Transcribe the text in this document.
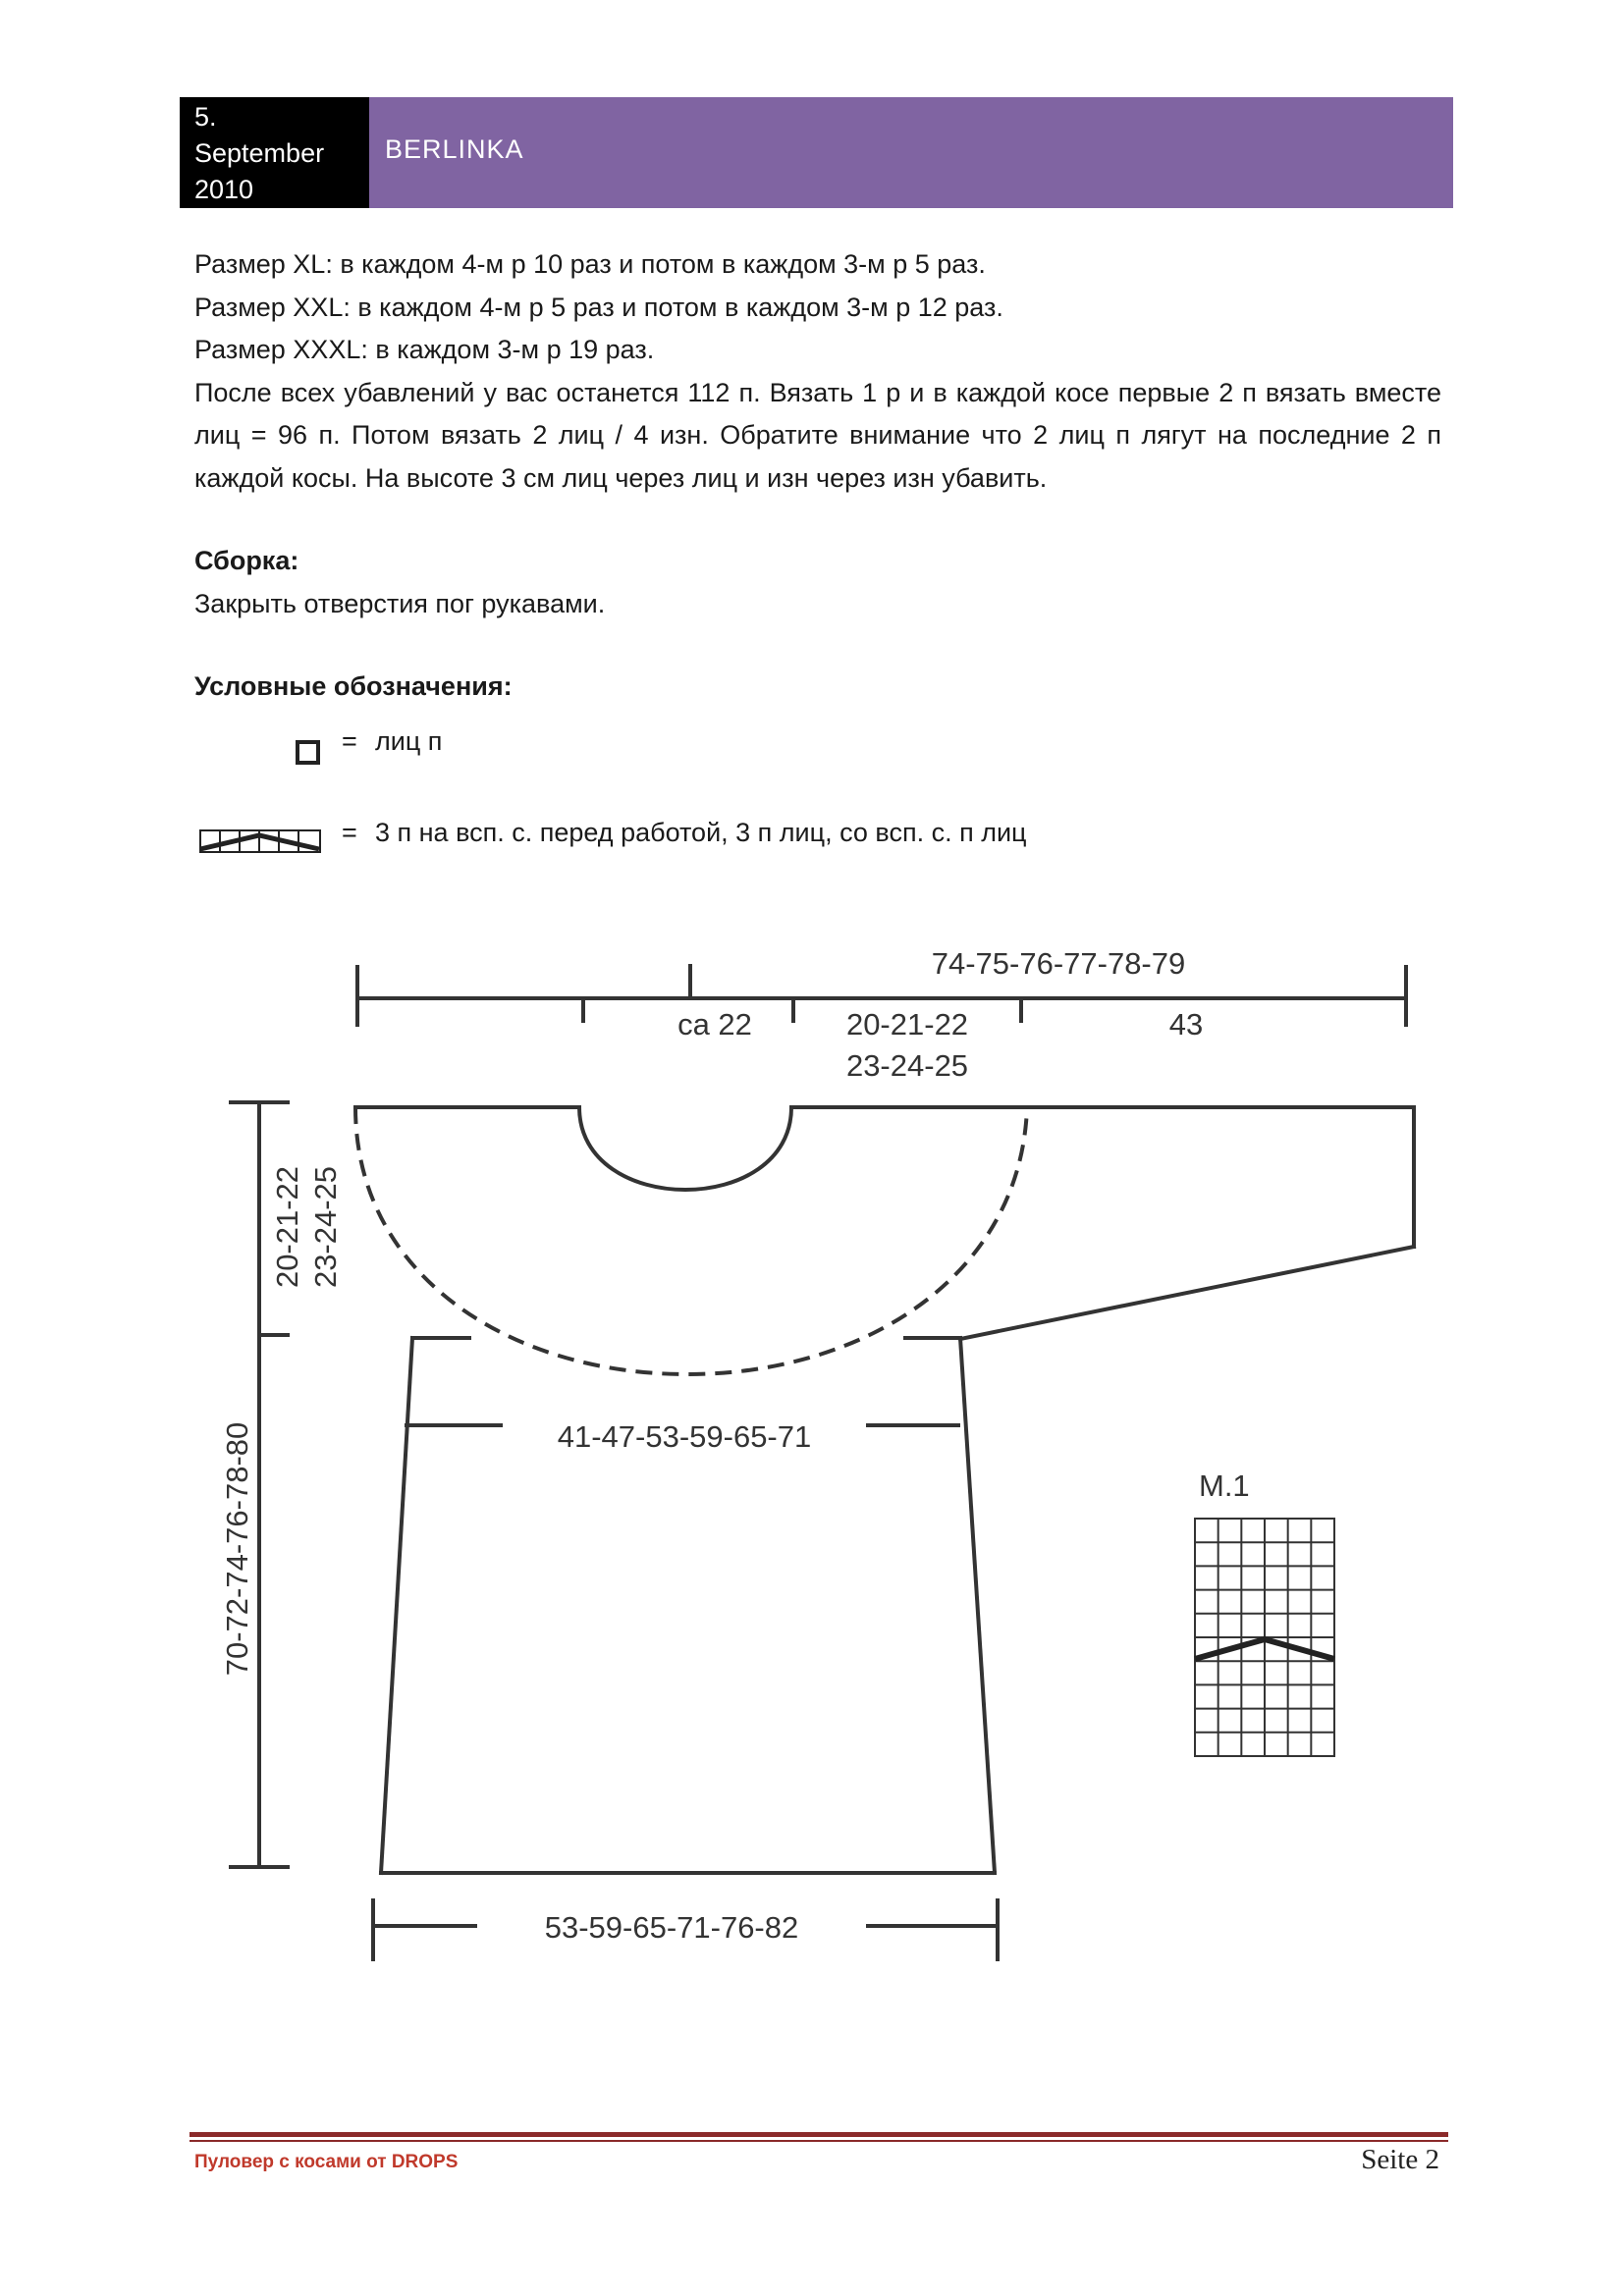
5.
September
2010
BERLINKA

Размер XL: в каждом 4-м р 10 раз и потом в каждом 3-м р 5 раз.

Размер XXL: в каждом 4-м р 5 раз и потом в каждом 3-м р 12 раз.

Размер XXXL: в каждом 3-м р 19 раз.

После всех убавлений у вас останется 112 п. Вязать 1 р и в каждой косе первые 2 п вязать вместе лиц = 96 п. Потом вязать 2 лиц / 4 изн. Обратите внимание что 2 лиц п лягут на последние 2 п каждой косы. На высоте 3 см лиц через лиц и изн через изн убавить.

Сборка:

Закрыть отверстия пог рукавами.

Условные обозначения:

= лиц п
= 3 п на всп. с. перед работой, 3 п лиц, со всп. с. п лиц
74-75-76-77-78-79
ca 22	20-21-22
23-24-25
43
20-21-22 23-24-25
70-72-74-76-78-80	41-47-53-59-65-71
53-59-65-71-76-82
M.1
Пуловер с косами от DROPS	Seite 2
